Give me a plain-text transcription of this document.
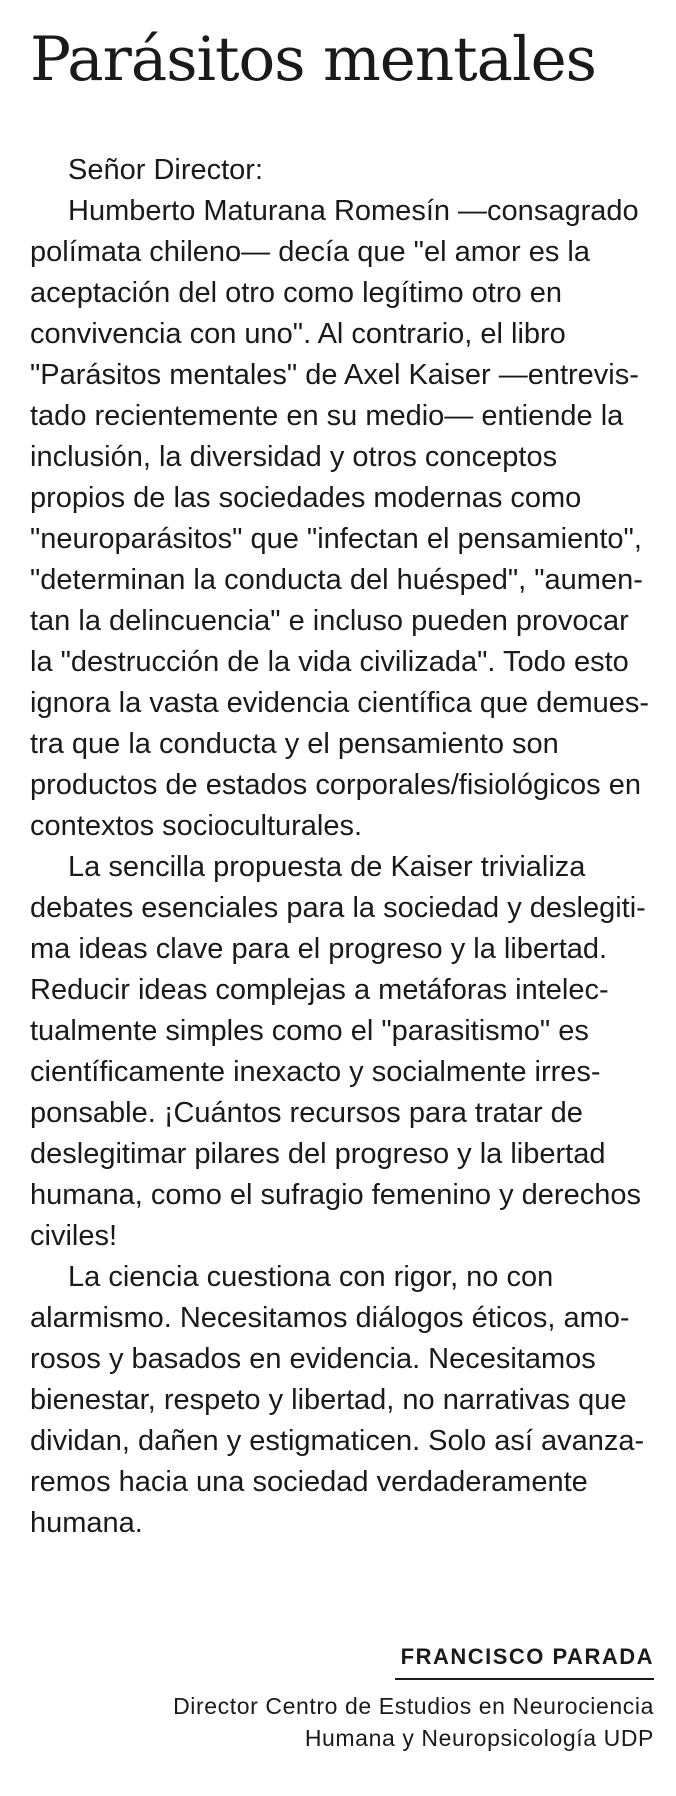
Parásitos mentales
Señor Director:
Humberto Maturana Romesín —consagrado
polímata chileno— decía que "el amor es la
aceptación del otro como legítimo otro en
convivencia con uno". Al contrario, el libro
"Parásitos mentales" de Axel Kaiser —entrevis-
tado recientemente en su medio— entiende la
inclusión, la diversidad y otros conceptos
propios de las sociedades modernas como
"neuroparásitos" que "infectan el pensamiento",
"determinan la conducta del huésped", "aumen-
tan la delincuencia" e incluso pueden provocar
la "destrucción de la vida civilizada". Todo esto
ignora la vasta evidencia científica que demues-
tra que la conducta y el pensamiento son
productos de estados corporales/fisiológicos en
contextos socioculturales.
La sencilla propuesta de Kaiser trivializa
debates esenciales para la sociedad y deslegiti-
ma ideas clave para el progreso y la libertad.
Reducir ideas complejas a metáforas intelec-
tualmente simples como el "parasitismo" es
científicamente inexacto y socialmente irres-
ponsable. ¡Cuántos recursos para tratar de
deslegitimar pilares del progreso y la libertad
humana, como el sufragio femenino y derechos
civiles!
La ciencia cuestiona con rigor, no con
alarmismo. Necesitamos diálogos éticos, amo-
rosos y basados en evidencia. Necesitamos
bienestar, respeto y libertad, no narrativas que
dividan, dañen y estigmaticen. Solo así avanza-
remos hacia una sociedad verdaderamente
humana.
FRANCISCO PARADA
Director Centro de Estudios en Neurociencia
Humana y Neuropsicología UDP
